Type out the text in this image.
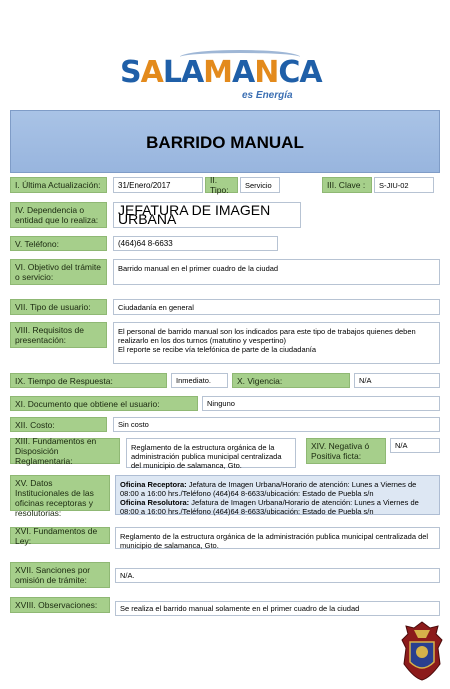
SALAMANCA
es Energía
BARRIDO MANUAL
I. Última Actualización:	31/Enero/2017	II. Tipo:	Servicio	III. Clave :	S-JIU-02
IV. Dependencia o entidad que lo realiza:
JEFATURA DE IMAGEN URBANA
V. Teléfono:	(464)64 8-6633
VI. Objetivo del trámite o servicio:
Barrido manual en el primer cuadro de la ciudad
VII. Tipo de usuario:	Ciudadanía en general
VIII. Requisitos de presentación:
El personal de barrido manual son los indicados para este tipo de trabajos quienes deben realizarlo en los dos turnos (matutino y vespertino)
El reporte se recibe vía telefónica de parte de la ciudadanía
IX. Tiempo de Respuesta:	Inmediato.	X. Vigencia:	N/A
XI. Documento que obtiene el usuario:	Ninguno
XII. Costo:	Sin costo
XIII. Fundamentos en Disposición Reglamentaria:
Reglamento de la estructura orgánica de la administración publica municipal centralizada del municipio de salamanca, Gto.
XIV. Negativa ó Positiva ficta:
N/A
XV. Datos Institucionales de las oficinas receptoras y resolutorias:
Oficina Receptora: Jefatura de Imagen Urbana/Horario de atención: Lunes a Viernes de 08:00 a 16:00 hrs./Teléfono (464)64 8-6633/ubicación: Estado de Puebla s/n
Oficina Resolutora: Jefatura de Imagen Urbana/Horario de atención: Lunes a Viernes de 08:00 a 16:00 hrs./Teléfono (464)64 8-6633/ubicación: Estado de Puebla s/n
XVI. Fundamentos de Ley:	Reglamento de la estructura orgánica de la administración publica municipal centralizada del municipio de salamanca, Gto.
XVII. Sanciones por omisión de trámite:	N/A.
XVIII. Observaciones:	Se realiza el barrido manual solamente en el primer cuadro de la ciudad
